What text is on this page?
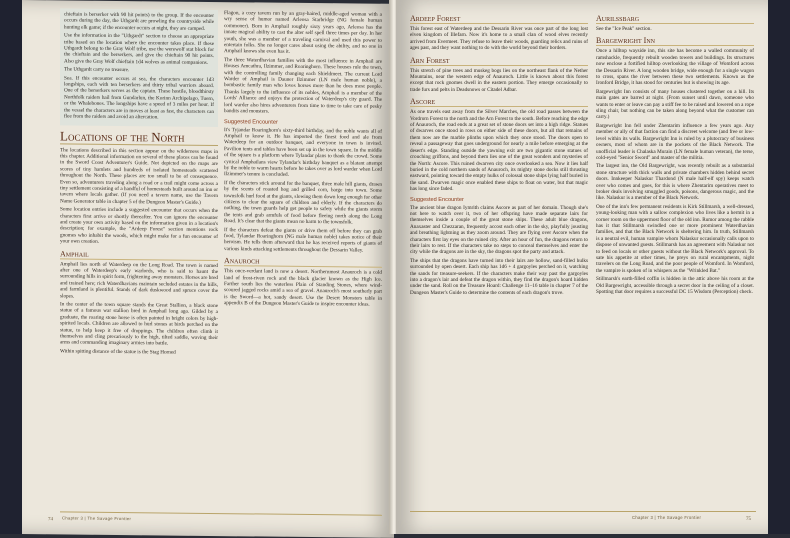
chieftain is berserker with 90 hit points) to the group. If the encounter occurs during the day, the Uthgardt are prowling the countryside while hunting elk game; if the encounter occurs at night, they are camped.

Use the information in the "Uthgardt" section to choose an appropriate tribe based on the location where the encounter takes place. If these Uthgardt belong to the Gray Wolf tribe, use the werewolf stat block for the chieftain and the berserkers, and give the chieftain 90 hit points. Also give the Gray Wolf chieftain 1d4 wolves as animal companions.

The Uthgardt carry no treasure.

Sea. If this encounter occurs at sea, the characters encounter 1d3 longships, each with ten berserkers and thirty tribal warriors aboard. One of the berserkers serves as the captain. These hostile, bloodthirsty Northfolk raiders hail from Gundarlun, the Korinn Archipelago, Tuern, or the Whalebones. The longships have a speed of 3 miles per hour. If the vessel the characters are in moves at least as fast, the characters can flee from the raiders and avoid an altercation.

Locations of the North

The locations described in this section appear on the wilderness maps in this chapter. Additional information on several of these places can be found in the Sword Coast Adventurer's Guide. Not depicted on the maps are scores of tiny hamlets and hundreds of isolated homesteads scattered throughout the North. These places are too small to be of consequence. Even so, adventurers traveling along a road or a trail might come across a tiny settlement consisting of a handful of homesteads built around an inn or tavern where locals gather. (If you need a tavern name, use the Tavern Name Generator table in chapter 5 of the Dungeon Master's Guide.)

Some location entries include a suggested encounter that occurs when the characters first arrive or shortly thereafter. You can ignore the encounter and create your own activity based on the information given in a location's description; for example, the "Ardeep Forest" section mentions rock gnomes who inhabit the woods, which might make for a fun encounter of your own creation.

Amphail

Amphail lies north of Waterdeep on the Long Road. The town is named after one of Waterdeep's early warlords, who is said to haunt the surrounding hills in spirit form, frightening away monsters. Horses are bred and trained here; rich Waterdhavians maintain secluded estates in the hills, and farmland is plentiful. Stands of dark duskwood and spruce cover the slopes.

In the center of the town square stands the Great Stallion, a black stone statue of a famous war stallion bred in Amphail long ago. Gilded by a graduate, the roaring stone horse is often painted in bright colors by high-spirited locals. Children are allowed to hurl stones at birds perched on the statue, to help keep it free of droppings. The children often climb it themselves and cling precariously to the high, tilted saddle, waving their arms and commanding imaginary armies into battle.

Within spitting distance of the statue is the Stag Horned

Flagon, a cozy tavern run by an gray-haired, middle-aged woman with a wry sense of humor named Arleosa Starbridge (NG female human commoner). Born in Amphail roughly sixty years ago, Arleosa has the innate magical ability to cast the alter self spell three times per day. In her youth, she was a member of a traveling carnival and used this power to entertain folks. She no longer cares about using the ability, and no one in Amphail knows she even has it.

The three Waterdhavian families with the most influence in Amphail are Houses Amcathra, Ilzimmer, and Roaringhorn. These houses rule the town, with the controlling family changing each Shieldmeet. The current Lord Warder of Amphail is Dauner Ilzimmer (LN male human noble), a bombastic family man who loves horses more than he does most people. Thanks largely to the influence of its nobles, Amphail is a member of the Lords' Alliance and enjoys the protection of Waterdeep's city guard. The lord warder also hires adventurers from time to time to take care of pesky bandits and monsters.

Suggested Encounter

It's Tyjandar Roaringhorn's sixty-third birthday, and the noble wants all of Amphail to know it. He has imported the finest food and ale from Waterdeep for an outdoor banquet, and everyone in town is invited. Pavilion tents and tables have been set up in the town square. In the middle of the square is a platform where Tylandar plans to thank the crowd. Some cynical Amphailans view Tylandar's birthday banquet as a blatant attempt by the noble to warm hearts before he takes over as lord warder when Lord Ilzimmer's tenure is concluded.

If the characters stick around for the banquet, three male hill giants, drawn by the scents of roasted hog and grilled corn, barge into town. Some townsfolk hurl food at the giants, slowing them down long enough for other citizens to clear the square of children and elderly. If the characters do nothing, the town guards help get people to safety while the giants storm the tents and grab armfuls of food before fleeing north along the Long Road. It's clear that the giants mean no harm to the townsfolk.

If the characters defeat the giants or drive them off before they can grab food, Tylandar Roaringhorn (NG male human noble) takes notice of their heroism. He tells them afterward that he has received reports of giants of various kinds attacking settlements throughout the Dessarin Valley.

Anauroch

This once-verdant land is now a desert. Northernmost Anauroch is a cold land of frost-riven rock and the black glacier known as the High Ice. Farther south lies the waterless Plain of Standing Stones, where wind-scoured jagged rocks amid a sea of gravel. Anauroch's most southerly part is the Sword—a hot, sandy desert. Use the Desert Monsters table in appendix B of the Dungeon Master's Guide to inspire encounter ideas.

Chapter 3 | The Savage Frontier
74
Ardeep Forest

This forest east of Waterdeep and the Dessarin River was once part of the long lost elven kingdom of Illefarn. Now it's home to a small clan of wood elves recently arrived from Evermeet. They refuse to leave their woods, guarding relics and ruins of ages past, and they want nothing to do with the world beyond their borders.

Arn Forest

This stretch of pine trees and muskeg bogs lies on the northeast flank of the Nether Mountains, near the western edge of Anauroch. Little is known about this forest except that rock gnomes dwell in the eastern portion. They emerge occasionally to trade furs and pelts in Deadsnows or Citadel Adbar.

Ascore

As one travels east away from the Silver Marches, the old road passes between the Vordrorn Forest to the north and the Arn Forest to the south. Before reaching the edge of Anauroch, the road ends at a great set of stone doors set into a high ridge. Statues of dwarves once stood in rows on either side of these doors, but all that remains of them now are the marble plinths upon which they once stood. The doors open to reveal a passageway that goes underground for nearly a mile before emerging at the desert's edge. Standing outside the yawning exit are two gigantic stone statues of crouching griffons, and beyond them lies one of the great wonders and mysteries of the North: Ascore. This ruined dwarven city once overlooked a sea. Now it lies half buried in the cold northern sands of Anauroch, its mighty stone docks still thrusting eastward, pointing toward the empty hulks of colossal stone ships lying half buried in the sand. Dwarven magic once enabled these ships to float on water, but that magic has long since faded.

Suggested Encounter

The ancient blue dragon Iymrith claims Ascore as part of her domain. Though she's not here to watch over it, two of her offspring have made separate lairs for themselves inside a couple of the great stone ships. These adult blue dragons, Anaxaster and Chezzaran, frequently accost each other in the sky, playfully jousting and breathing lightning as they zoom around. They are flying over Ascore when the characters first lay eyes on the ruined city. After an hour of fun, the dragons return to their lairs to rest. If the characters take no steps to conceal themselves and enter the city while the dragons are in the sky, the dragons spot the party and attack.

The ships that the dragons have turned into their lairs are hollow, sand-filled hulks surrounded by open desert. Each ship has 1d6 + 4 gargoyles perched on it, watching the sands for treasure-seekers. If the characters make their way past the gargoyles into a dragon's lair and defeat the dragon within, they find the dragon's hoard hidden under the sand. Roll on the Treasure Hoard: Challenge 11–16 table in chapter 7 of the Dungeon Master's Guide to determine the contents of each dragon's trove.

Aurilssbarg

See the "Ice Peak" section.

Bargewright Inn

Once a hilltop wayside inn, this site has become a walled community of ramshackle, frequently rebuilt wooden towers and buildings. Its structures now enclose a fortified hilltop overlooking the village of Womford across the Dessarin River. A long wooden bridge, wide enough for a single wagon to cross, spans the river between these two settlements. Known as the Ironford Bridge, it has stood for centuries but is showing its age.

Bargewright Inn consists of many houses clustered together on a hill. Its main gates are barred at night. (From sunset until dawn, someone who wants to enter or leave can pay a stiff fee to be raised and lowered on a rope sling chair, but nothing can be taken along beyond what the customer can carry.)

Bargewright Inn fell under Zhentarim influence a few years ago. Any member or ally of that faction can find a discreet welcome (and free or low-level within its walls. Bargewright Inn is ruled by a plutocracy of business owners, most of whom are in the pockets of the Black Network. The unofficial leader is Chalaska Murain (LN female human veteran), the terse, cold-eyed "Senior Sword" and master of the militia.

The largest inn, the Old Bargewright, was recently rebuilt as a substantial stone structure with thick walls and private chambers hidden behind secret doors. Innkeeper Nalaskur Thardond (N male half-elf spy) keeps watch over who comes and goes, for this is where Zhentarim operatives meet to broker deals involving smuggled goods, poisons, dangerous magic, and the like. Nalaskur is a member of the Black Network.

One of the inn's few permanent residents is Kirk Stillmarsh, a well-dressed, young-looking man with a sallow complexion who lives like a hermit in a corner room on the uppermost floor of the old inn. Rumor among the rabble has it that Stillmarsh swindled one or more prominent Waterdhavian families, and that the Black Network is sheltering him. In truth, Stillmarsh is a neutral evil, human vampire whom Nalaskur occasionally calls upon to dispose of unwanted guests. Stillmarsh has an agreement with Nalaskur not to feed on locals or other guests without the Black Network's approval. To sate his appetite at other times, he preys on rural encampments, night travelers on the Long Road, and the poor people of Womford. In Womford, the vampire is spoken of in whispers as the "Wrinkled Bat."

Stillmarsh's earth-filled coffin is hidden in the attic above his room at the Old Bargewright, accessible through a secret door in the ceiling of a closet. Spotting that door requires a successful DC 15 Wisdom (Perception) check.

Chapter 3 | The Savage Frontier	75
